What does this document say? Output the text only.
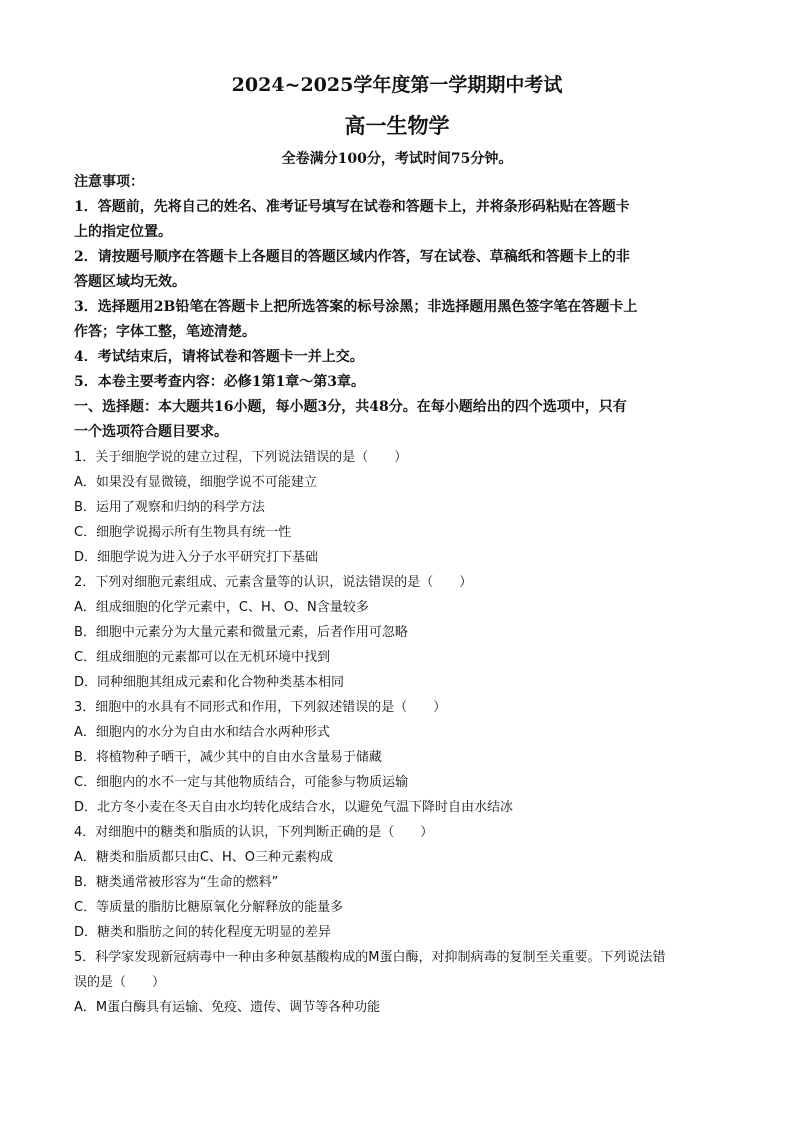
2024~2025学年度第一学期期中考试
高一生物学
全卷满分100分，考试时间75分钟。
注意事项：
1．答题前，先将自己的姓名、准考证号填写在试卷和答题卡上，并将条形码粘贴在答题卡
上的指定位置。
2．请按题号顺序在答题卡上各题目的答题区域内作答，写在试卷、草稿纸和答题卡上的非
答题区域均无效。
3．选择题用2B铅笔在答题卡上把所选答案的标号涂黑；非选择题用黑色签字笔在答题卡上
作答；字体工整，笔迹清楚。
4．考试结束后，请将试卷和答题卡一并上交。
5．本卷主要考查内容：必修1第1章～第3章。
一、选择题：本大题共16小题，每小题3分，共48分。在每小题给出的四个选项中，只有
一个选项符合题目要求。
1．关于细胞学说的建立过程，下列说法错误的是（　　）
A．如果没有显微镜，细胞学说不可能建立
B．运用了观察和归纳的科学方法
C．细胞学说揭示所有生物具有统一性
D．细胞学说为进入分子水平研究打下基础
2．下列对细胞元素组成、元素含量等的认识，说法错误的是（　　）
A．组成细胞的化学元素中，C、H、O、N含量较多
B．细胞中元素分为大量元素和微量元素，后者作用可忽略
C．组成细胞的元素都可以在无机环境中找到
D．同种细胞其组成元素和化合物种类基本相同
3．细胞中的水具有不同形式和作用，下列叙述错误的是（　　）
A．细胞内的水分为自由水和结合水两种形式
B．将植物种子晒干，减少其中的自由水含量易于储藏
C．细胞内的水不一定与其他物质结合，可能参与物质运输
D．北方冬小麦在冬天自由水均转化成结合水，以避免气温下降时自由水结冰
4．对细胞中的糖类和脂质的认识，下列判断正确的是（　　）
A．糖类和脂质都只由C、H、O三种元素构成
B．糖类通常被形容为“生命的燃料”
C．等质量的脂肪比糖原氧化分解释放的能量多
D．糖类和脂肪之间的转化程度无明显的差异
5．科学家发现新冠病毒中一种由多种氨基酸构成的M蛋白酶，对抑制病毒的复制至关重要。下列说法错
误的是（　　）
A．M蛋白酶具有运输、免疫、遗传、调节等各种功能
